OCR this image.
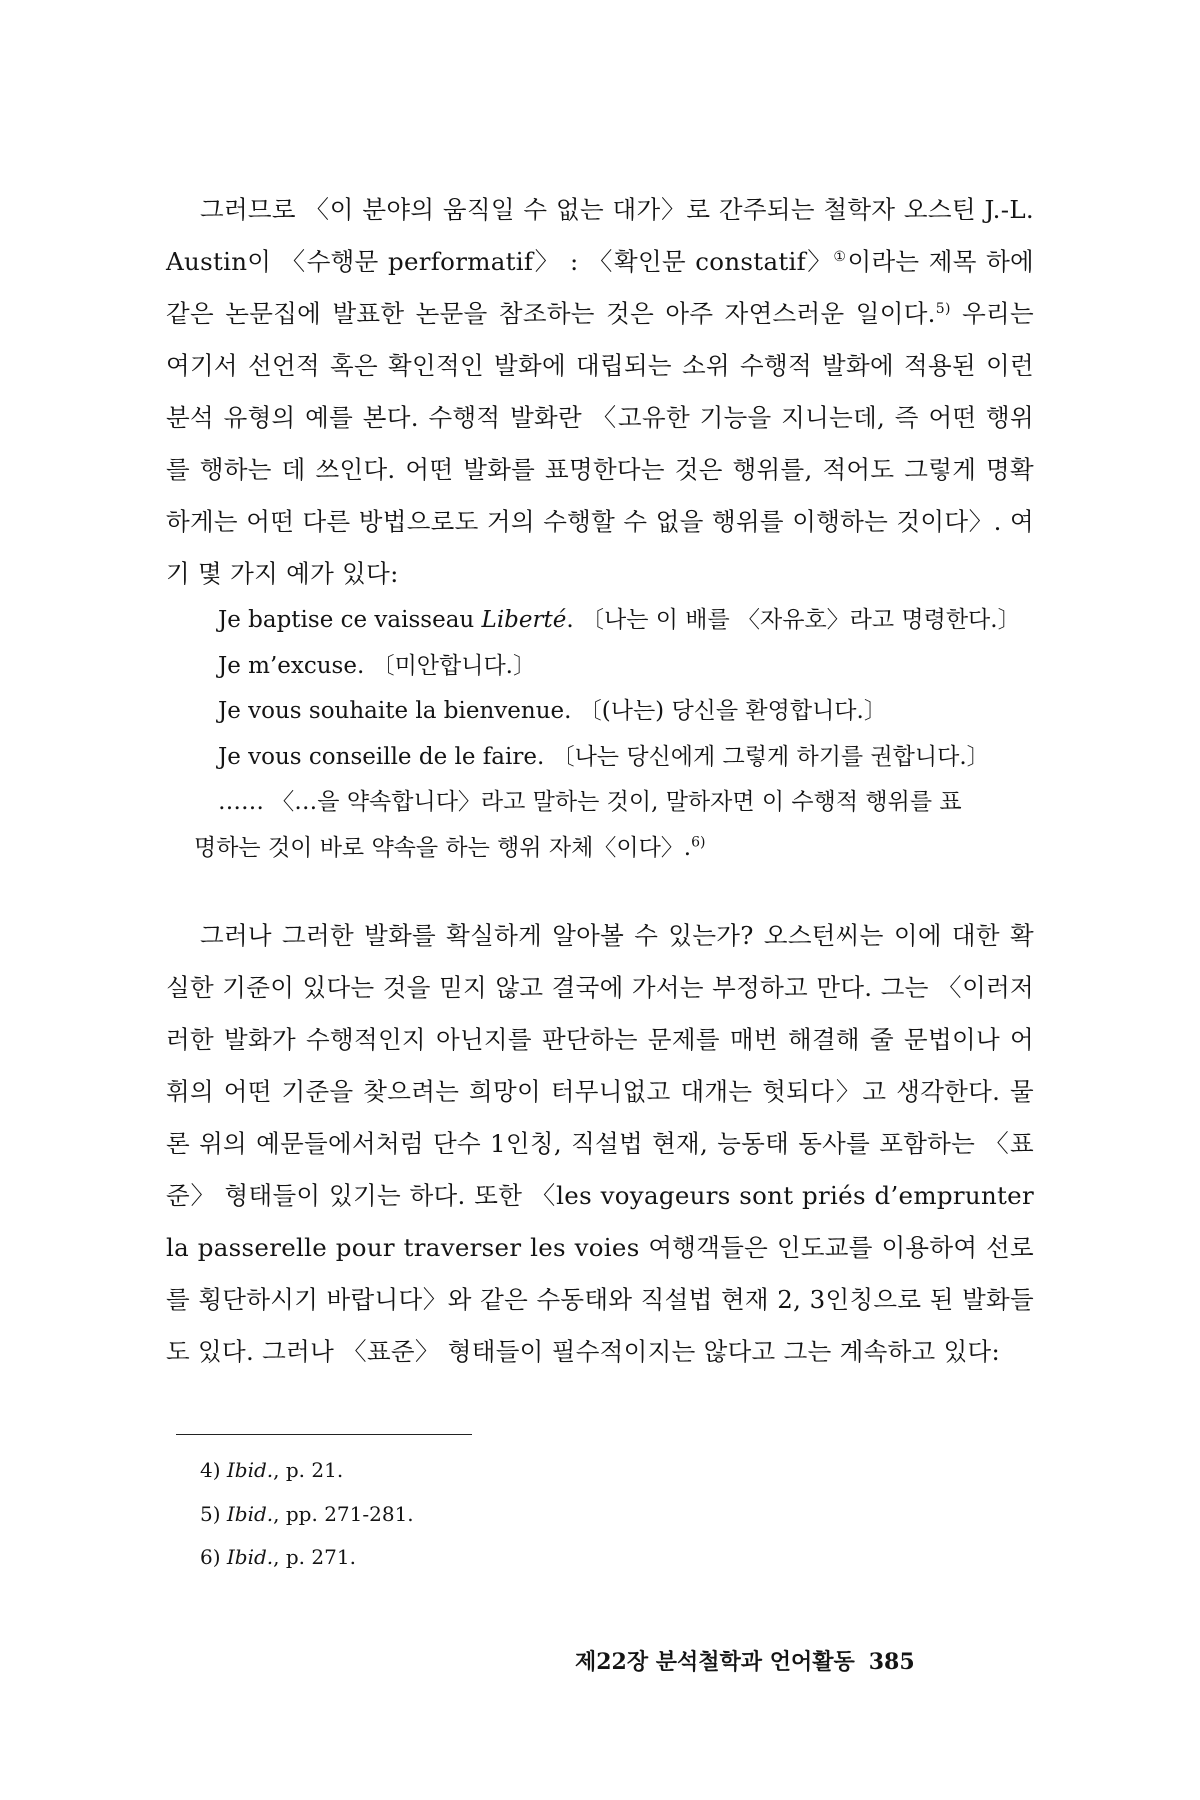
그러므로 〈이 분야의 움직일 수 없는 대가〉로 간주되는 철학자 오스틴 J.-L. Austin이 〈수행문 performatif〉 : 〈확인문 constatif〉①이라는 제목 하에 같은 논문집에 발표한 논문을 참조하는 것은 아주 자연스러운 일이다.$^{5)}$ 우리는 여기서 선언적 혹은 확인적인 발화에 대립되는 소위 수행적 발화에 적용된 이런 분석 유형의 예를 본다. 수행적 발화란 〈고유한 기능을 지니는데, 즉 어떤 행위를 행하는 데 쓰인다. 어떤 발화를 표명한다는 것은 행위를, 적어도 그렇게 명확하게는 어떤 다른 방법으로도 거의 수행할 수 없을 행위를 이행하는 것이다〉. 여기 몇 가지 예가 있다:

Je baptise ce vaisseau Liberté. 〔나는 이 배를 〈자유호〉라고 명령한다.〕

Je m’excuse. 〔미안합니다.〕

Je vous souhaite la bienvenue. 〔(나는) 당신을 환영합니다.〕

Je vous conseille de le faire. 〔나는 당신에게 그렇게 하기를 권합니다.〕

…… 〈…을 약속합니다〉라고 말하는 것이, 말하자면 이 수행적 행위를 표
명하는 것이 바로 약속을 하는 행위 자체〈이다〉.$^{6)}$

그러나 그러한 발화를 확실하게 알아볼 수 있는가? 오스턴씨는 이에 대한 확실한 기준이 있다는 것을 믿지 않고 결국에 가서는 부정하고 만다. 그는 〈이러저러한 발화가 수행적인지 아닌지를 판단하는 문제를 매번 해결해 줄 문법이나 어휘의 어떤 기준을 찾으려는 희망이 터무니없고 대개는 헛되다〉고 생각한다. 물론 위의 예문들에서처럼 단수 1인칭, 직설법 현재, 능동태 동사를 포함하는 〈표준〉 형태들이 있기는 하다. 또한 〈les voyageurs sont priés d’emprunter la passerelle pour traverser les voies 여행객들은 인도교를 이용하여 선로를 횡단하시기 바랍니다〉와 같은 수동태와 직설법 현재 2, 3인칭으로 된 발화들도 있다. 그러나 〈표준〉 형태들이 필수적이지는 않다고 그는 계속하고 있다:

4) Ibid., p. 21.

5) Ibid., pp. 271-281.

6) Ibid., p. 271.

제22장 분석철학과 언어활동 385
